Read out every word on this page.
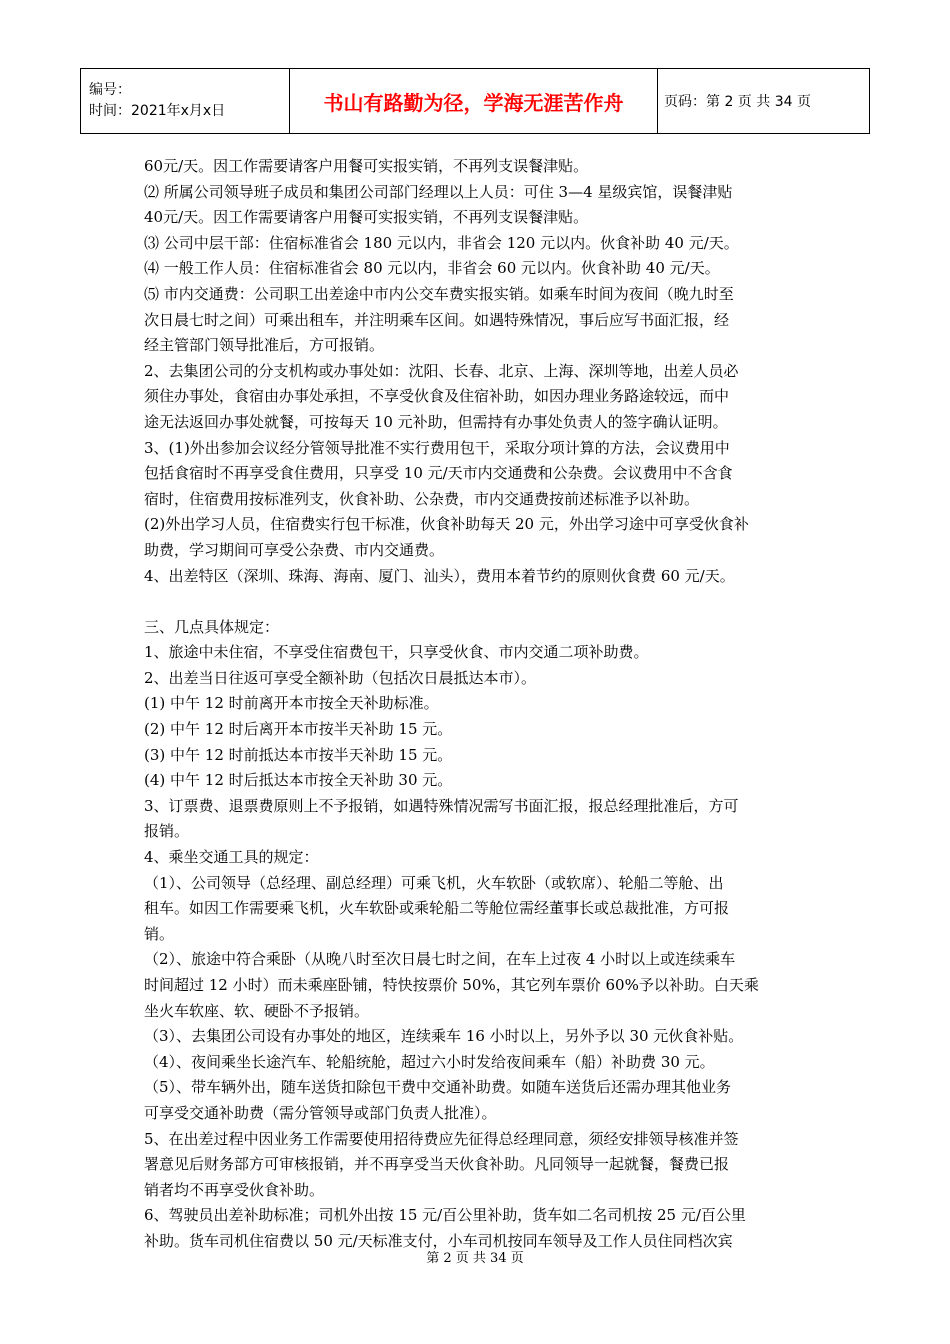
编号：
时间：2021年x月x日	书山有路勤为径，学海无涯苦作舟	页码：第 2 页 共 34 页
60元/天。因工作需要请客户用餐可实报实销，不再列支误餐津贴。
⑵ 所属公司领导班子成员和集团公司部门经理以上人员：可住 3—4 星级宾馆，误餐津贴
40元/天。因工作需要请客户用餐可实报实销，不再列支误餐津贴。
⑶ 公司中层干部：住宿标准省会 180 元以内，非省会 120 元以内。伙食补助 40 元/天。
⑷ 一般工作人员：住宿标准省会 80 元以内，非省会 60 元以内。伙食补助 40 元/天。
⑸ 市内交通费：公司职工出差途中市内公交车费实报实销。如乘车时间为夜间（晚九时至
次日晨七时之间）可乘出租车，并注明乘车区间。如遇特殊情况，事后应写书面汇报，经
经主管部门领导批准后，方可报销。
2、去集团公司的分支机构或办事处如：沈阳、长春、北京、上海、深圳等地，出差人员必
须住办事处，食宿由办事处承担，不享受伙食及住宿补助，如因办理业务路途较远，而中
途无法返回办事处就餐，可按每天 10 元补助，但需持有办事处负责人的签字确认证明。
3、(1)外出参加会议经分管领导批准不实行费用包干，采取分项计算的方法，会议费用中
包括食宿时不再享受食住费用，只享受 10 元/天市内交通费和公杂费。会议费用中不含食
宿时，住宿费用按标准列支，伙食补助、公杂费，市内交通费按前述标准予以补助。
(2)外出学习人员，住宿费实行包干标准，伙食补助每天 20 元，外出学习途中可享受伙食补
助费，学习期间可享受公杂费、市内交通费。
4、出差特区（深圳、珠海、海南、厦门、汕头），费用本着节约的原则伙食费 60 元/天。
三、几点具体规定：
1、旅途中未住宿，不享受住宿费包干，只享受伙食、市内交通二项补助费。
2、出差当日往返可享受全额补助（包括次日晨抵达本市）。
(1) 中午 12 时前离开本市按全天补助标准。
(2) 中午 12 时后离开本市按半天补助 15 元。
(3) 中午 12 时前抵达本市按半天补助 15 元。
(4) 中午 12 时后抵达本市按全天补助 30 元。
3、订票费、退票费原则上不予报销，如遇特殊情况需写书面汇报，报总经理批准后，方可
报销。
4、乘坐交通工具的规定：
（1）、公司领导（总经理、副总经理）可乘飞机，火车软卧（或软席）、轮船二等舱、出
租车。如因工作需要乘飞机，火车软卧或乘轮船二等舱位需经董事长或总裁批准，方可报
销。
（2）、旅途中符合乘卧（从晚八时至次日晨七时之间，在车上过夜 4 小时以上或连续乘车
时间超过 12 小时）而未乘座卧铺，特快按票价 50%，其它列车票价 60%予以补助。白天乘
坐火车软座、软、硬卧不予报销。
（3）、去集团公司设有办事处的地区，连续乘车 16 小时以上，另外予以 30 元伙食补贴。
（4）、夜间乘坐长途汽车、轮船统舱，超过六小时发给夜间乘车（船）补助费 30 元。
（5）、带车辆外出，随车送货扣除包干费中交通补助费。如随车送货后还需办理其他业务
可享受交通补助费（需分管领导或部门负责人批准）。
5、在出差过程中因业务工作需要使用招待费应先征得总经理同意，须经安排领导核准并签
署意见后财务部方可审核报销，并不再享受当天伙食补助。凡同领导一起就餐，餐费已报
销者均不再享受伙食补助。
6、驾驶员出差补助标准；司机外出按 15 元/百公里补助，货车如二名司机按 25 元/百公里
补助。货车司机住宿费以 50 元/天标准支付，小车司机按同车领导及工作人员住同档次宾
第 2 页 共 34 页
